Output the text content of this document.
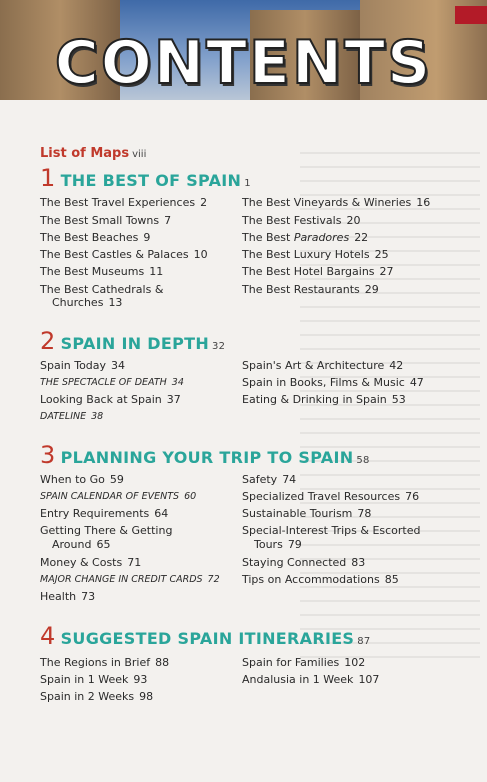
CONTENTS
List of Maps viii
1 THE BEST OF SPAIN 1
The Best Travel Experiences 2
The Best Small Towns 7
The Best Beaches 9
The Best Castles & Palaces 10
The Best Museums 11
The Best Cathedrals &
Churches 13
The Best Vineyards & Wineries 16
The Best Festivals 20
The Best Paradores 22
The Best Luxury Hotels 25
The Best Hotel Bargains 27
The Best Restaurants 29
2 SPAIN IN DEPTH 32
Spain Today 34
THE SPECTACLE OF DEATH 34
Looking Back at Spain 37
DATELINE 38
Spain's Art & Architecture 42
Spain in Books, Films & Music 47
Eating & Drinking in Spain 53
3 PLANNING YOUR TRIP TO SPAIN 58
When to Go 59
SPAIN CALENDAR OF EVENTS 60
Entry Requirements 64
Getting There & Getting
Around 65
Money & Costs 71
MAJOR CHANGE IN CREDIT CARDS 72
Health 73
Safety 74
Specialized Travel Resources 76
Sustainable Tourism 78
Special-Interest Trips & Escorted
Tours 79
Staying Connected 83
Tips on Accommodations 85
4 SUGGESTED SPAIN ITINERARIES 87
The Regions in Brief 88
Spain in 1 Week 93
Spain in 2 Weeks 98
Spain for Families 102
Andalusia in 1 Week 107
